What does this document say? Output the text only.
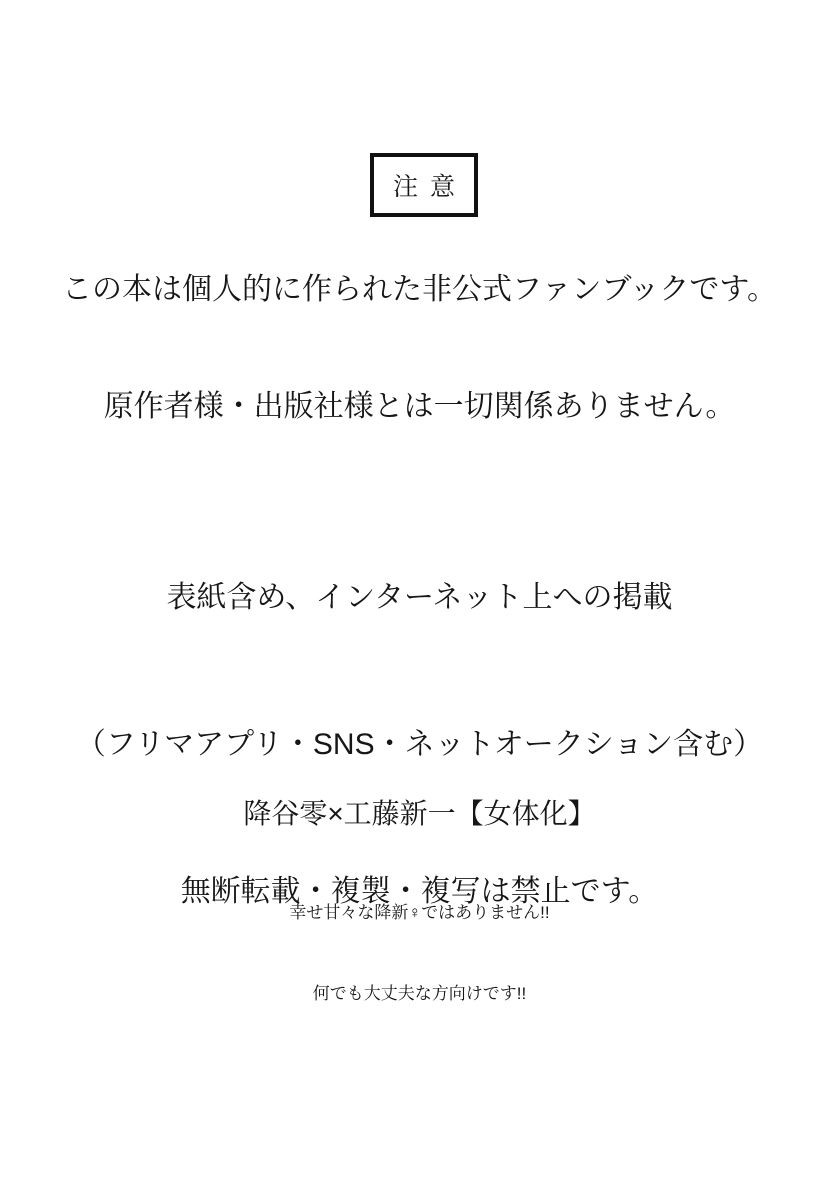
注意
この本は個人的に作られた非公式ファンブックです。
原作者様・出版社様とは一切関係ありません。

表紙含め、インターネット上への掲載

（フリマアプリ・SNS・ネットオークション含む）

無断転載・複製・複写は禁止です。

降谷零×工藤新一【女体化】

幸せ甘々な降新♀ではありません!!

何でも大丈夫な方向けです!!
